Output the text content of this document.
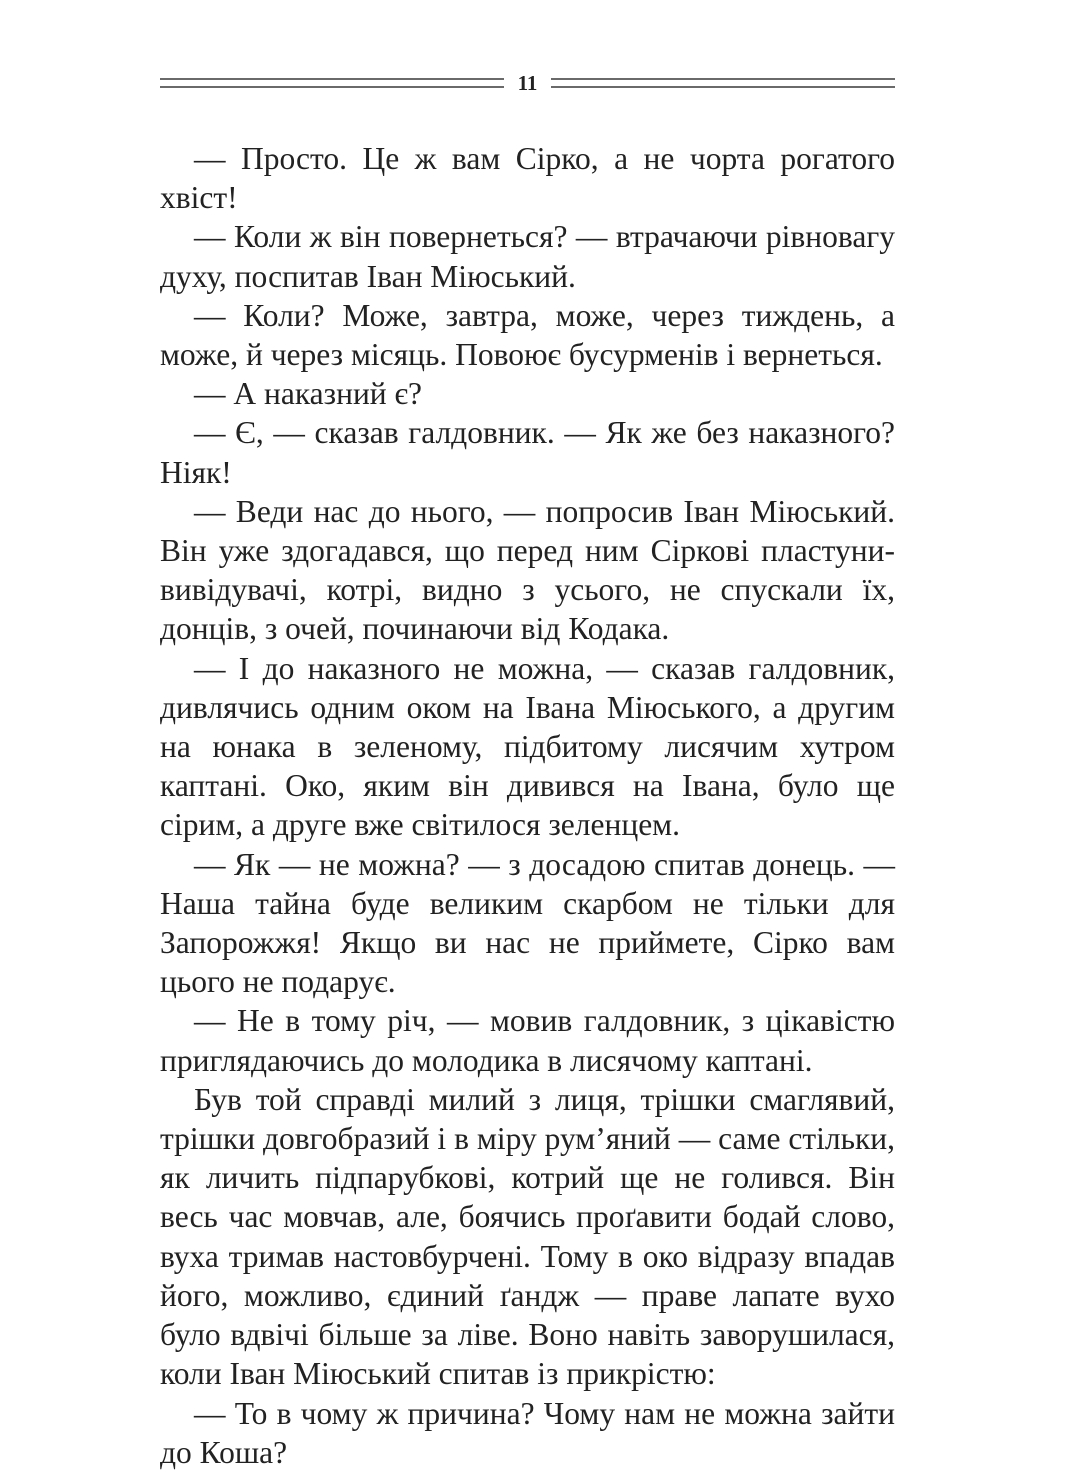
11

— Просто. Це ж вам Сірко, а не чорта рогатого хвіст!

— Коли ж він повернеться? — втрачаючи рівновагу духу, поспитав Іван Міюський.

— Коли? Може, завтра, може, через тиждень, а може, й через місяць. Повоює бусурменів і вернеться.

— А наказний є?

— Є, — сказав галдовник. — Як же без наказного? Ніяк!

— Веди нас до нього, — попросив Іван Міюський. Він уже здогадався, що перед ним Сіркові пластуни-вивідувачі, котрі, видно з усього, не спускали їх, донців, з очей, починаючи від Кодака.

— І до наказного не можна, — сказав галдовник, дивлячись одним оком на Івана Міюського, а другим на юнака в зеленому, підбитому лисячим хутром каптані. Око, яким він дивився на Івана, було ще сірим, а друге вже світилося зеленцем.

— Як — не можна? — з досадою спитав донець. — Наша тайна буде великим скарбом не тільки для Запорожжя! Якщо ви нас не приймете, Сірко вам цього не подарує.

— Не в тому річ, — мовив галдовник, з цікавістю приглядаючись до молодика в лисячому каптані.

Був той справді милий з лиця, трішки смаглявий, трішки довгобразий і в міру рум’яний — саме стільки, як личить підпарубкові, котрий ще не голився. Він весь час мовчав, але, боячись проґавити бодай слово, вуха тримав настовбурчені. Тому в око відразу впадав його, можливо, єдиний ґандж — праве лапате вухо було вдвічі більше за ліве. Воно навіть заворушилася, коли Іван Міюський спитав із прикрістю:

— То в чому ж причина? Чому нам не можна зайти до Коша?
